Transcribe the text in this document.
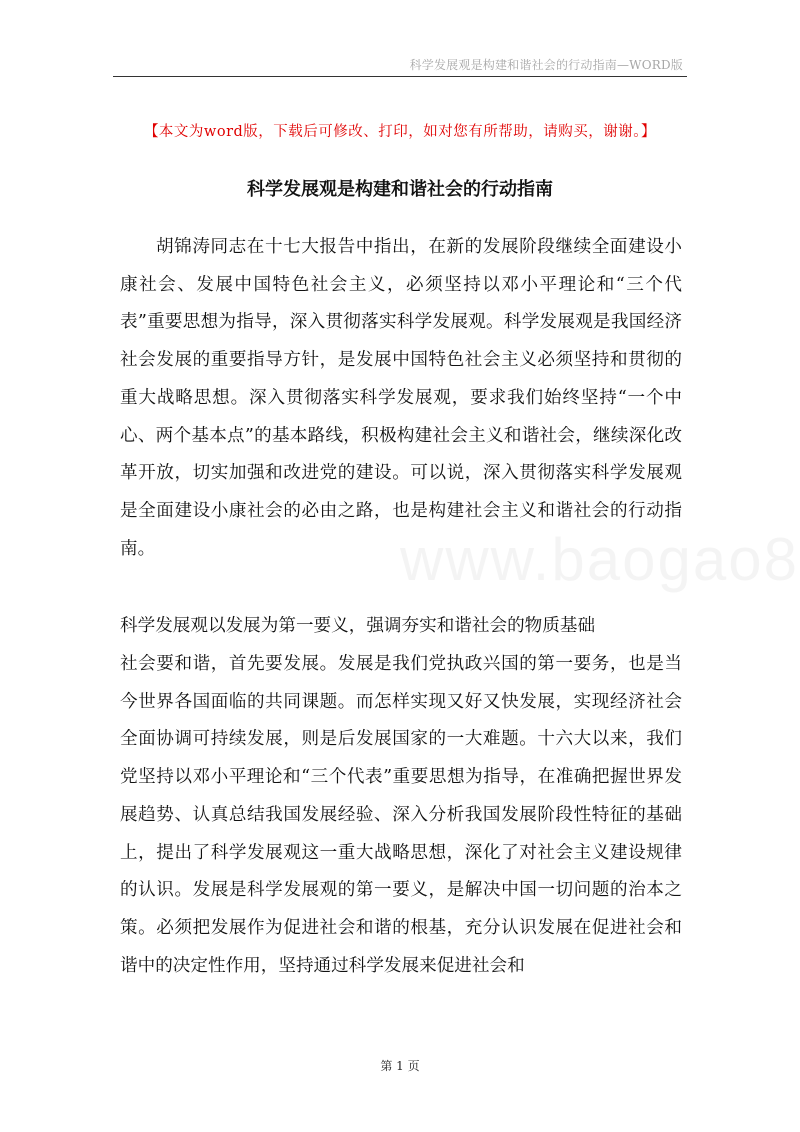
科学发展观是构建和谐社会的行动指南—WORD版
【本文为word版，下载后可修改、打印，如对您有所帮助，请购买，谢谢。】
科学发展观是构建和谐社会的行动指南
胡锦涛同志在十七大报告中指出，在新的发展阶段继续全面建设小康社会、发展中国特色社会主义，必须坚持以邓小平理论和“三个代表”重要思想为指导，深入贯彻落实科学发展观。科学发展观是我国经济社会发展的重要指导方针，是发展中国特色社会主义必须坚持和贯彻的重大战略思想。深入贯彻落实科学发展观，要求我们始终坚持“一个中心、两个基本点”的基本路线，积极构建社会主义和谐社会，继续深化改革开放，切实加强和改进党的建设。可以说，深入贯彻落实科学发展观是全面建设小康社会的必由之路，也是构建社会主义和谐社会的行动指南。
科学发展观以发展为第一要义，强调夯实和谐社会的物质基础
社会要和谐，首先要发展。发展是我们党执政兴国的第一要务，也是当今世界各国面临的共同课题。而怎样实现又好又快发展，实现经济社会全面协调可持续发展，则是后发展国家的一大难题。十六大以来，我们党坚持以邓小平理论和“三个代表”重要思想为指导，在准确把握世界发展趋势、认真总结我国发展经验、深入分析我国发展阶段性特征的基础上，提出了科学发展观这一重大战略思想，深化了对社会主义建设规律的认识。发展是科学发展观的第一要义，是解决中国一切问题的治本之策。必须把发展作为促进社会和谐的根基，充分认识发展在促进社会和谐中的决定性作用，坚持通过科学发展来促进社会和
第 1 页
